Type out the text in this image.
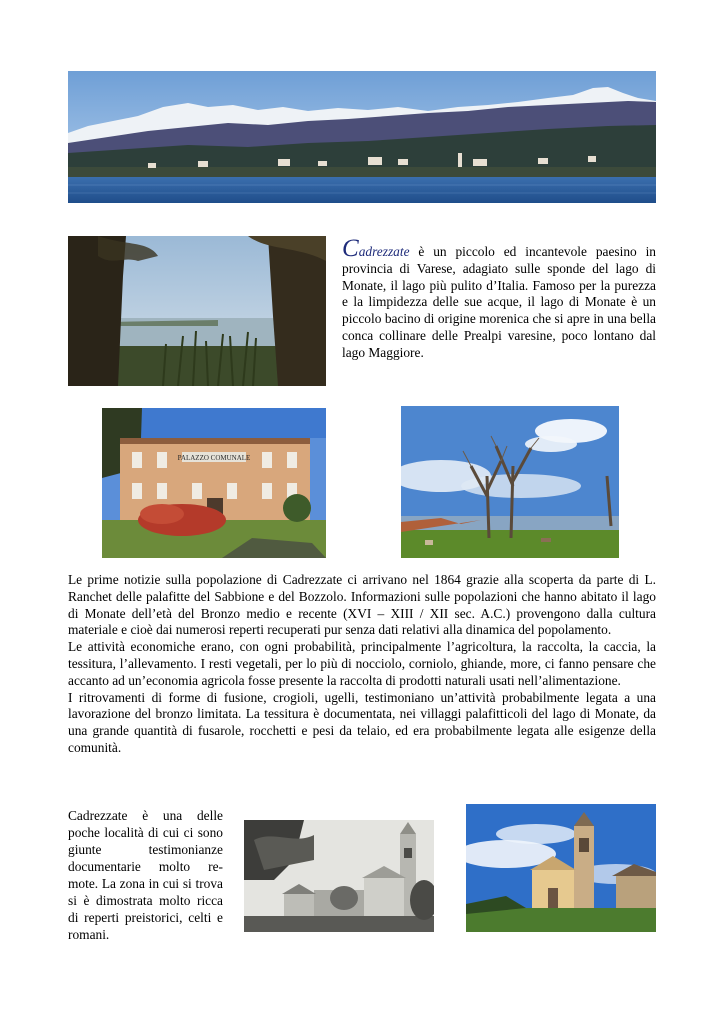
Cadrezzate è un piccolo ed incantevole paesino in provincia di Varese, adagiato sulle sponde del lago di Monate, il lago più pulito d’Italia. Famoso per la purezza e la limpidezza delle sue acque, il lago di Monate è un piccolo bacino di origine morenica che si apre in una bella conca collinare delle Prealpi varesine, poco lontano dal lago Maggiore.
PALAZZO COMUNALE

Le prime notizie sulla popolazione di Cadrezzate ci arrivano nel 1864 grazie alla scoperta da parte di L. Ranchet delle palafitte del Sabbione e del Bozzolo. Informazioni sulle popolazioni che hanno abitato il lago di Monate dell’età del Bronzo medio e recente (XVI – XIII / XII sec. A.C.) provengono dalla cultura materiale e cioè dai numerosi reperti recuperati pur senza dati relativi alla dinamica del popolamento.

Le attività economiche erano, con ogni probabilità, principalmente l’agricoltura, la raccolta, la caccia, la tessitura, l’allevamento. I resti vegetali, per lo più di nocciolo, corniolo, ghiande, more, ci fanno pensare che accanto ad un’economia agricola fosse presente la raccolta di prodotti naturali usati nell’alimentazione.

I ritrovamenti di forme di fusione, crogioli, ugelli, testimoniano un’attività probabilmente legata a una lavorazione del bronzo limitata. La tessitura è documentata, nei villaggi palafitticoli del lago di Monate, da una grande quantità di fusarole, rocchetti e pesi da telaio, ed era probabilmente legata alle esigenze della comunità.

Cadrezzate è una delle poche località di cui ci sono giunte testimonianze documentarie molto re-mote. La zona in cui si trova si è dimostrata molto ricca di reperti preistorici, celti e romani.
